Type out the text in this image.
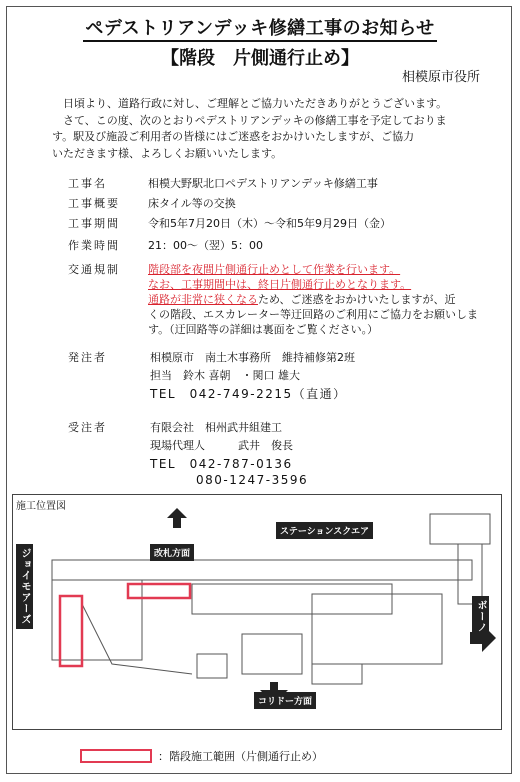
ペデストリアンデッキ修繕工事のお知らせ
【階段　片側通行止め】
相模原市役所

　日頃より、道路行政に対し、ご理解とご協力いただきありがとうございます。

　さて、この度、次のとおりペデストリアンデッキの修繕工事を予定しておりま

す。駅及び施設ご利用者の皆様にはご迷惑をおかけいたしますが、ご協力

いただきます様、よろしくお願いいたします。

工事名	相模大野駅北口ペデストリアンデッキ修繕工事
工事概要	床タイル等の交換
工事期間	令和5年7月20日（木）～令和5年9月29日（金）
作業時間	21：00～（翌）5：00
交通規制	階段部を夜間片側通行止めとして作業を行います。
なお、工事期間中は、終日片側通行止めとなります。
通路が非常に狭くなるため、ご迷惑をおかけいたしますが、近
くの階段、エスカレーター等迂回路のご利用にご協力をお願いしま
す。（迂回路等の詳細は裏面をご覧ください。）
発注者	相模原市　南土木事務所　維持補修第2班
担当　鈴木 喜朝　・関口 雄大
TEL　042-749-2215（直通）
受注者	有限会社　相州武井組建工
現場代理人　　　武井　俊長
TEL　042-787-0136
080-1247-3596
施工位置図
ジョイモアーズ	改札方面
ステーションスクエア
ボーノ
コリドー方面
：階段施工範囲（片側通行止め）
